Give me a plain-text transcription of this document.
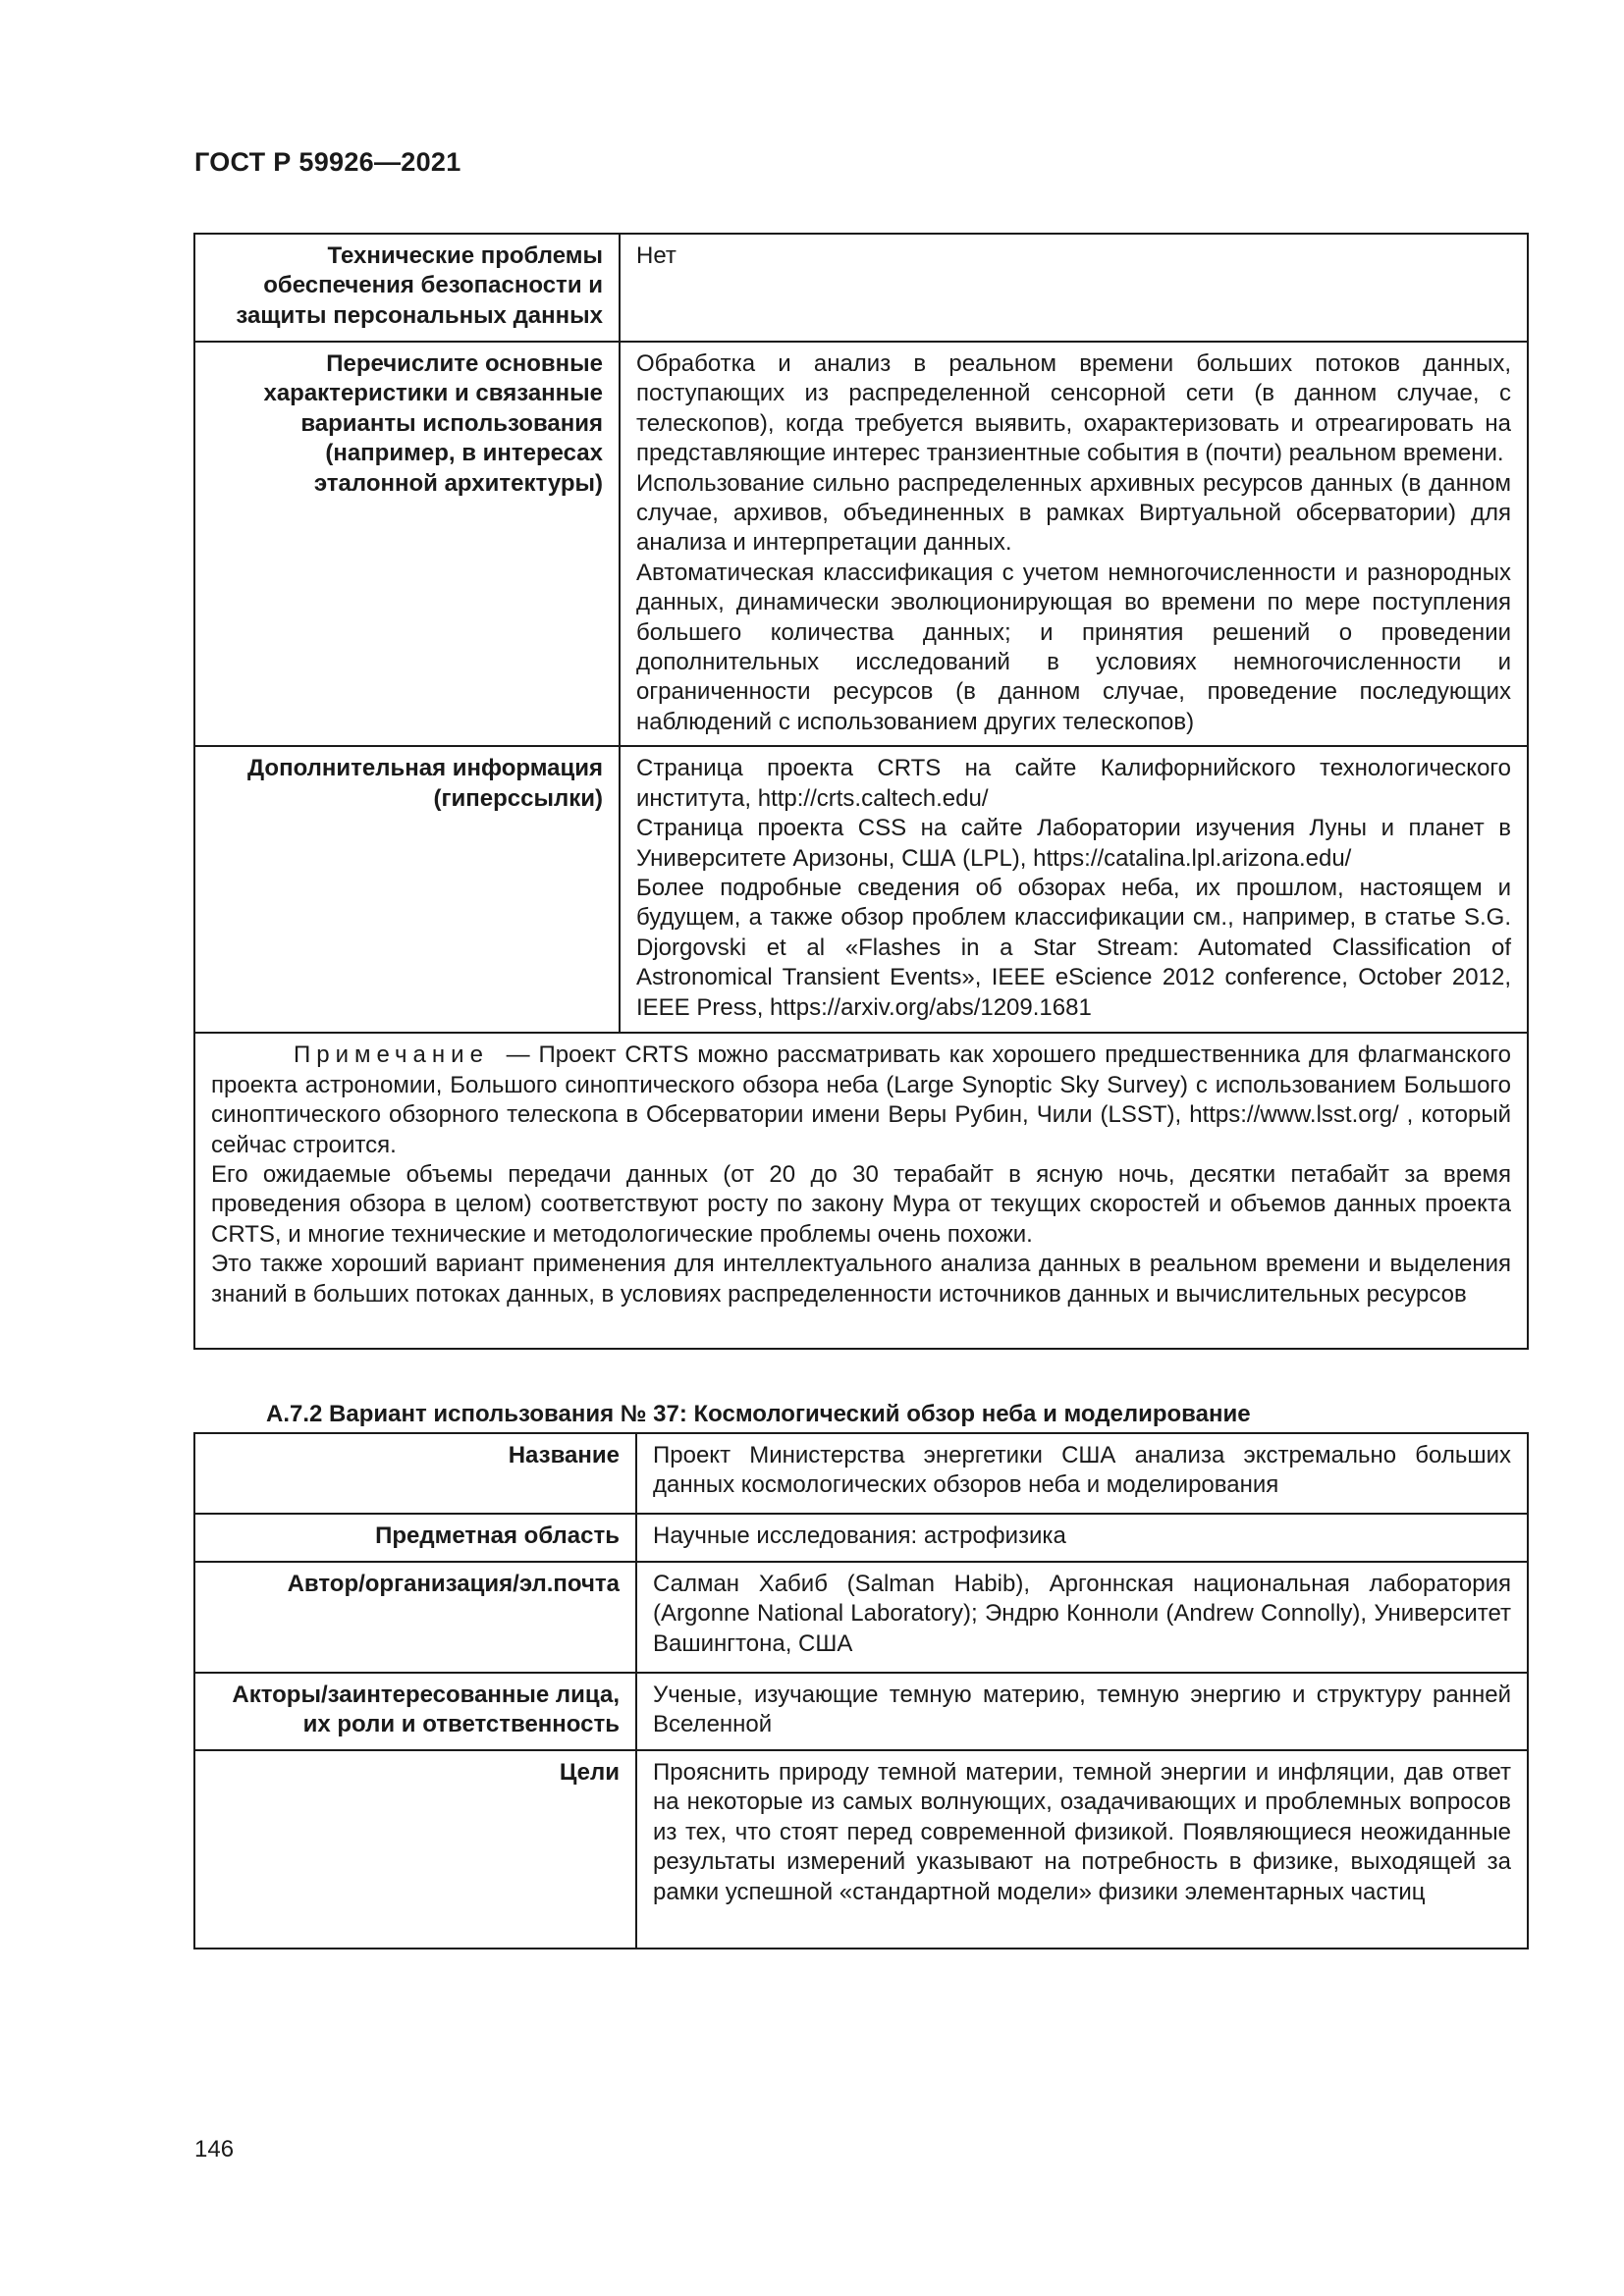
ГОСТ Р 59926—2021
Технические проблемы обеспечения безопасности и защиты персональных данных	Нет

Перечислите основные характеристики и связанные варианты использования (например, в интересах эталонной архитектуры)	Обработка и анализ в реальном времени больших потоков данных, поступающих из распределенной сенсорной сети (в данном случае, с телескопов), когда требуется выявить, охарактеризовать и отреагировать на представляющие интерес транзиентные события в (почти) реальном времени.

Использование сильно распределенных архивных ресурсов данных (в данном случае, архивов, объединенных в рамках Виртуальной обсерватории) для анализа и интерпретации данных.

Автоматическая классификация с учетом немногочисленности и разнородных данных, динамически эволюционирующая во времени по мере поступления большего количества данных; и принятия решений о проведении дополнительных исследований в условиях немногочисленности и ограниченности ресурсов (в данном случае, проведение последующих наблюдений с использованием других телескопов)

Дополнительная информация (гиперссылки)	Страница проекта CRTS на сайте Калифорнийского технологического института, http://crts.caltech.edu/

Страница проекта CSS на сайте Лаборатории изучения Луны и планет в Университете Аризоны, США (LPL), https://catalina.lpl.arizona.edu/

Более подробные сведения об обзорах неба, их прошлом, настоящем и будущем, а также обзор проблем классификации см., например, в статье S.G. Djorgovski et al «Flashes in a Star Stream: Automated Classification of Astronomical Transient Events», IEEE eScience 2012 conference, October 2012, IEEE Press, https://arxiv.org/abs/1209.1681

Примечание — Проект CRTS можно рассматривать как хорошего предшественника для флагманского проекта астрономии, Большого синоптического обзора неба (Large Synoptic Sky Survey) с использованием Большого синоптического обзорного телескопа в Обсерватории имени Веры Рубин, Чили (LSST), https://www.lsst.org/ , который сейчас строится.

Его ожидаемые объемы передачи данных (от 20 до 30 терабайт в ясную ночь, десятки петабайт за время проведения обзора в целом) соответствуют росту по закону Мура от текущих скоростей и объемов данных проекта CRTS, и многие технические и методологические проблемы очень похожи.

Это также хороший вариант применения для интеллектуального анализа данных в реальном времени и выделения знаний в больших потоках данных, в условиях распределенности источников данных и вычислительных ресурсов	

А.7.2 Вариант использования № 37: Космологический обзор неба и моделирование
Название	Проект Министерства энергетики США анализа экстремально больших данных космологических обзоров неба и моделирования
Предметная область	Научные исследования: астрофизика
Автор/организация/эл.почта	Салман Хабиб (Salman Habib), Аргоннская национальная лаборатория (Argonne National Laboratory); Эндрю Конноли (Andrew Connolly), Университет Вашингтона, США
Акторы/заинтересованные лица, их роли и ответственность	Ученые, изучающие темную материю, темную энергию и структуру ранней Вселенной
Цели	Прояснить природу темной материи, темной энергии и инфляции, дав ответ на некоторые из самых волнующих, озадачивающих и проблемных вопросов из тех, что стоят перед современной физикой. Появляющиеся неожиданные результаты измерений указывают на потребность в физике, выходящей за рамки успешной «стандартной модели» физики элементарных частиц
146
